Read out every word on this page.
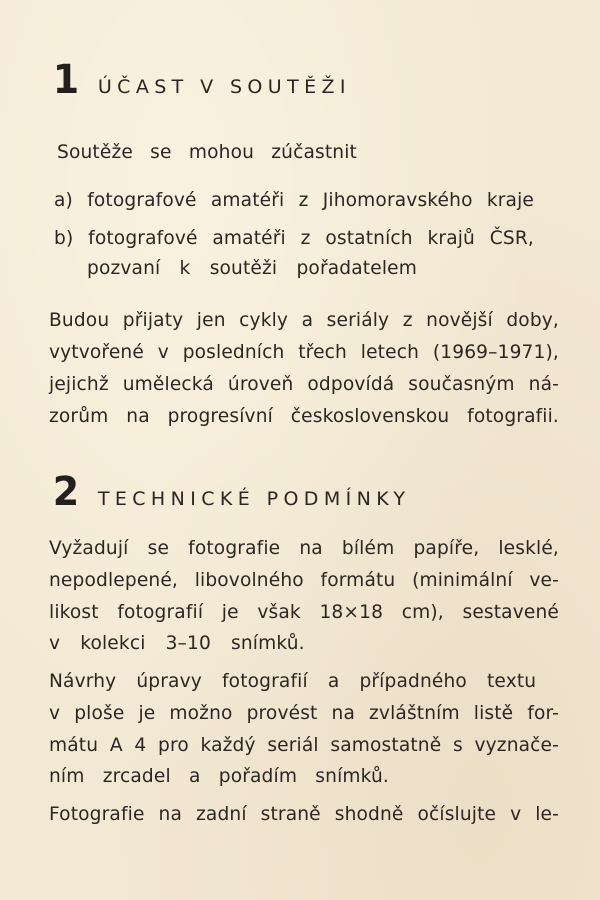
1 ÚČAST V SOUTĚŽI
Soutěže se mohou zúčastnit
a) fotografové amatéři z Jihomoravského kraje
b) fotografové amatéři z ostatních krajů ČSR,
pozvaní k soutěži pořadatelem
Budou přijaty jen cykly a seriály z novější doby,
vytvořené v posledních třech letech (1969–1971),
jejichž umělecká úroveň odpovídá současným ná-
zorům na progresívní československou fotografii.
2 TECHNICKÉ PODMÍNKY
Vyžadují se fotografie na bílém papíře, lesklé,
nepodlepené, libovolného formátu (minimální ve-
likost fotografií je však 18×18 cm), sestavené
v kolekci 3–10 snímků.
Návrhy úpravy fotografií a případného textu
v ploše je možno provést na zvláštním listě for-
mátu A 4 pro každý seriál samostatně s vyznače-
ním zrcadel a pořadím snímků.
Fotografie na zadní straně shodně očíslujte v le-
